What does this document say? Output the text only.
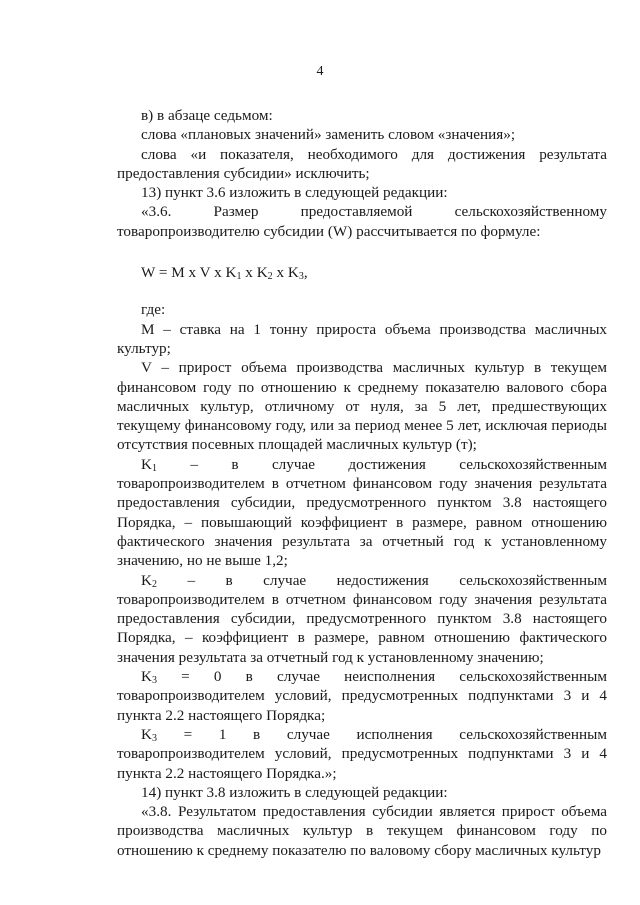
4

в) в абзаце седьмом:

слова «плановых значений» заменить словом «значения»;

слова «и показателя, необходимого для достижения результата предоставления субсидии» исключить;

13) пункт 3.6 изложить в следующей редакции:

«3.6. Размер предоставляемой сельскохозяйственному товаропроизводителю субсидии (W) рассчитывается по формуле:

W = M x V x $K_1$ x $K_2$ x $K_3$,

где:

M – ставка на 1 тонну прироста объема производства масличных культур;

V – прирост объема производства масличных культур в текущем финансовом году по отношению к среднему показателю валового сбора масличных культур, отличному от нуля, за 5 лет, предшествующих текущему финансовому году, или за период менее 5 лет, исключая периоды отсутствия посевных площадей масличных культур (т);

$K_1$ – в случае достижения сельскохозяйственным товаропроизводителем в отчетном финансовом году значения результата предоставления субсидии, предусмотренного пунктом 3.8 настоящего Порядка, – повышающий коэффициент в размере, равном отношению фактического значения результата за отчетный год к установленному значению, но не выше 1,2;

$K_2$ – в случае недостижения сельскохозяйственным товаропроизводителем в отчетном финансовом году значения результата предоставления субсидии, предусмотренного пунктом 3.8 настоящего Порядка, – коэффициент в размере, равном отношению фактического значения результата за отчетный год к установленному значению;

$K_3 = 0$ в случае неисполнения сельскохозяйственным товаропроизводителем условий, предусмотренных подпунктами 3 и 4 пункта 2.2 настоящего Порядка;

$K_3 = 1$ в случае исполнения сельскохозяйственным товаропроизводителем условий, предусмотренных подпунктами 3 и 4 пункта 2.2 настоящего Порядка.»;

14) пункт 3.8 изложить в следующей редакции:

«3.8. Результатом предоставления субсидии является прирост объема производства масличных культур в текущем финансовом году по отношению к среднему показателю по валовому сбору масличных культур
